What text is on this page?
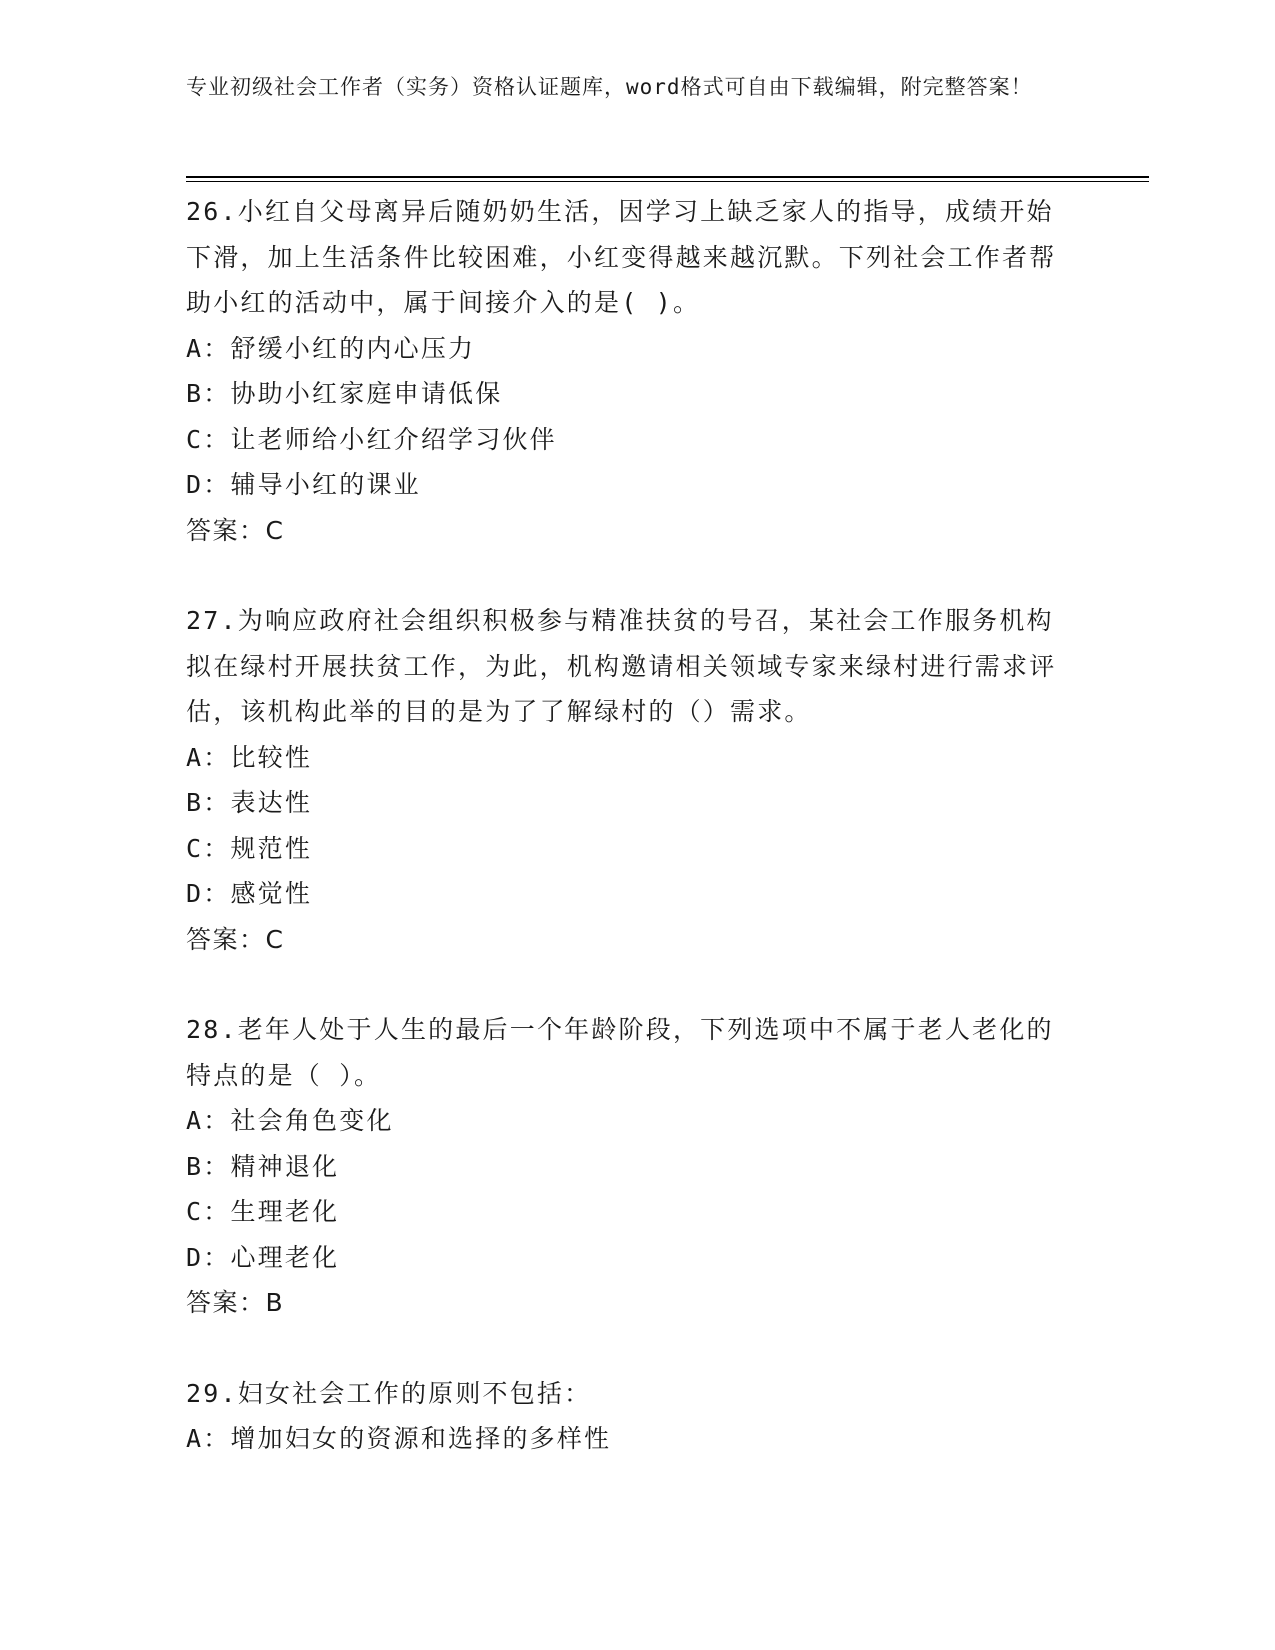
专业初级社会工作者（实务）资格认证题库，word格式可自由下载编辑，附完整答案！

26.小红自父母离异后随奶奶生活，因学习上缺乏家人的指导，成绩开始下滑，加上生活条件比较困难，小红变得越来越沉默。下列社会工作者帮助小红的活动中，属于间接介入的是( )。

A：舒缓小红的内心压力

B：协助小红家庭申请低保

C：让老师给小红介绍学习伙伴

D：辅导小红的课业

答案：C

27.为响应政府社会组织积极参与精准扶贫的号召，某社会工作服务机构拟在绿村开展扶贫工作，为此，机构邀请相关领域专家来绿村进行需求评估，该机构此举的目的是为了了解绿村的（）需求。

A：比较性

B：表达性

C：规范性

D：感觉性

答案：C

28.老年人处于人生的最后一个年龄阶段，下列选项中不属于老人老化的特点的是（ ）。

A：社会角色变化

B：精神退化

C：生理老化

D：心理老化

答案：B

29.妇女社会工作的原则不包括：

A：增加妇女的资源和选择的多样性
